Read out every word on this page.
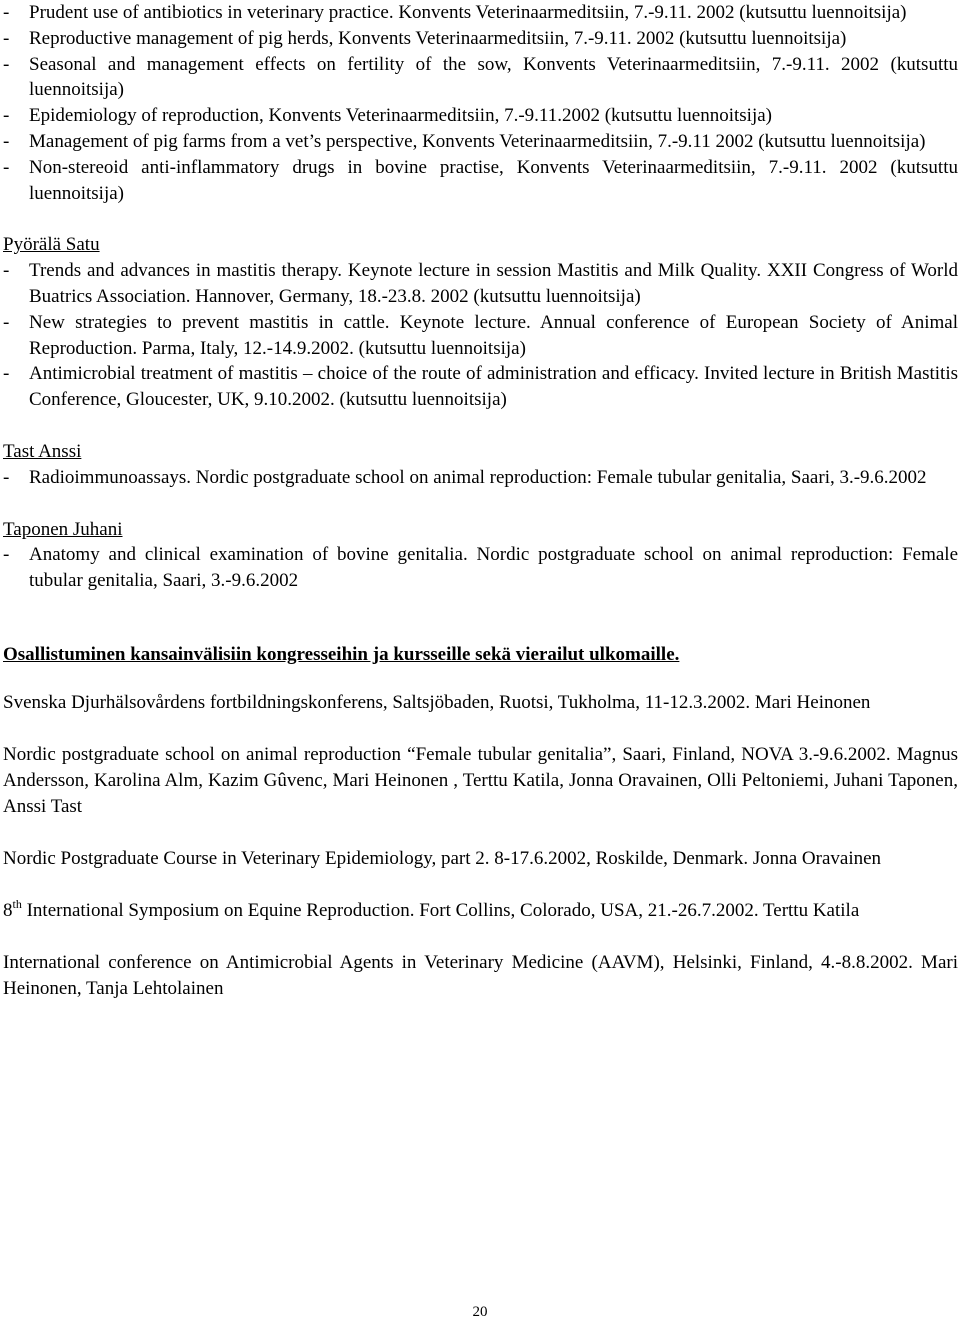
- Prudent use of antibiotics in veterinary practice. Konvents Veterinaarmeditsiin, 7.-9.11. 2002 (kutsuttu luennoitsija)
- Reproductive management of pig herds, Konvents Veterinaarmeditsiin, 7.-9.11. 2002 (kutsuttu luennoitsija)
- Seasonal and management effects on fertility of the sow, Konvents Veterinaarmeditsiin, 7.-9.11. 2002 (kutsuttu luennoitsija)
- Epidemiology of reproduction, Konvents Veterinaarmeditsiin, 7.-9.11.2002 (kutsuttu luennoitsija)
- Management of pig farms from a vet’s perspective, Konvents Veterinaarmeditsiin, 7.-9.11 2002 (kutsuttu luennoitsija)
- Non-stereoid anti-inflammatory drugs in bovine practise, Konvents Veterinaarmeditsiin, 7.-9.11. 2002 (kutsuttu luennoitsija)
Pyörälä Satu
- Trends and advances in mastitis therapy. Keynote lecture in session Mastitis and Milk Quality. XXII Congress of World Buatrics Association. Hannover, Germany, 18.-23.8. 2002 (kutsuttu luennoitsija)
- New strategies to prevent mastitis in cattle. Keynote lecture. Annual conference of European Society of Animal Reproduction. Parma, Italy, 12.-14.9.2002. (kutsuttu luennoitsija)
- Antimicrobial treatment of mastitis – choice of the route of administration and efficacy. Invited lecture in British Mastitis Conference, Gloucester, UK, 9.10.2002. (kutsuttu luennoitsija)
Tast Anssi
- Radioimmunoassays. Nordic postgraduate school on animal reproduction: Female tubular genitalia, Saari, 3.-9.6.2002
Taponen Juhani
- Anatomy and clinical examination of bovine genitalia. Nordic postgraduate school on animal reproduction: Female tubular genitalia, Saari, 3.-9.6.2002
Osallistuminen kansainvälisiin kongresseihin ja kursseille sekä vierailut ulkomaille.

Svenska Djurhälsovårdens fortbildningskonferens, Saltsjöbaden, Ruotsi, Tukholma, 11-12.3.2002. Mari Heinonen

Nordic postgraduate school on animal reproduction “Female tubular genitalia”, Saari, Finland, NOVA 3.-9.6.2002. Magnus Andersson, Karolina Alm, Kazim Gûvenc, Mari Heinonen , Terttu Katila, Jonna Oravainen, Olli Peltoniemi, Juhani Taponen, Anssi Tast

Nordic Postgraduate Course in Veterinary Epidemiology, part 2. 8-17.6.2002, Roskilde, Denmark. Jonna Oravainen

8th International Symposium on Equine Reproduction. Fort Collins, Colorado, USA, 21.-26.7.2002. Terttu Katila

International conference on Antimicrobial Agents in Veterinary Medicine (AAVM), Helsinki, Finland, 4.-8.8.2002. Mari Heinonen, Tanja Lehtolainen

20
